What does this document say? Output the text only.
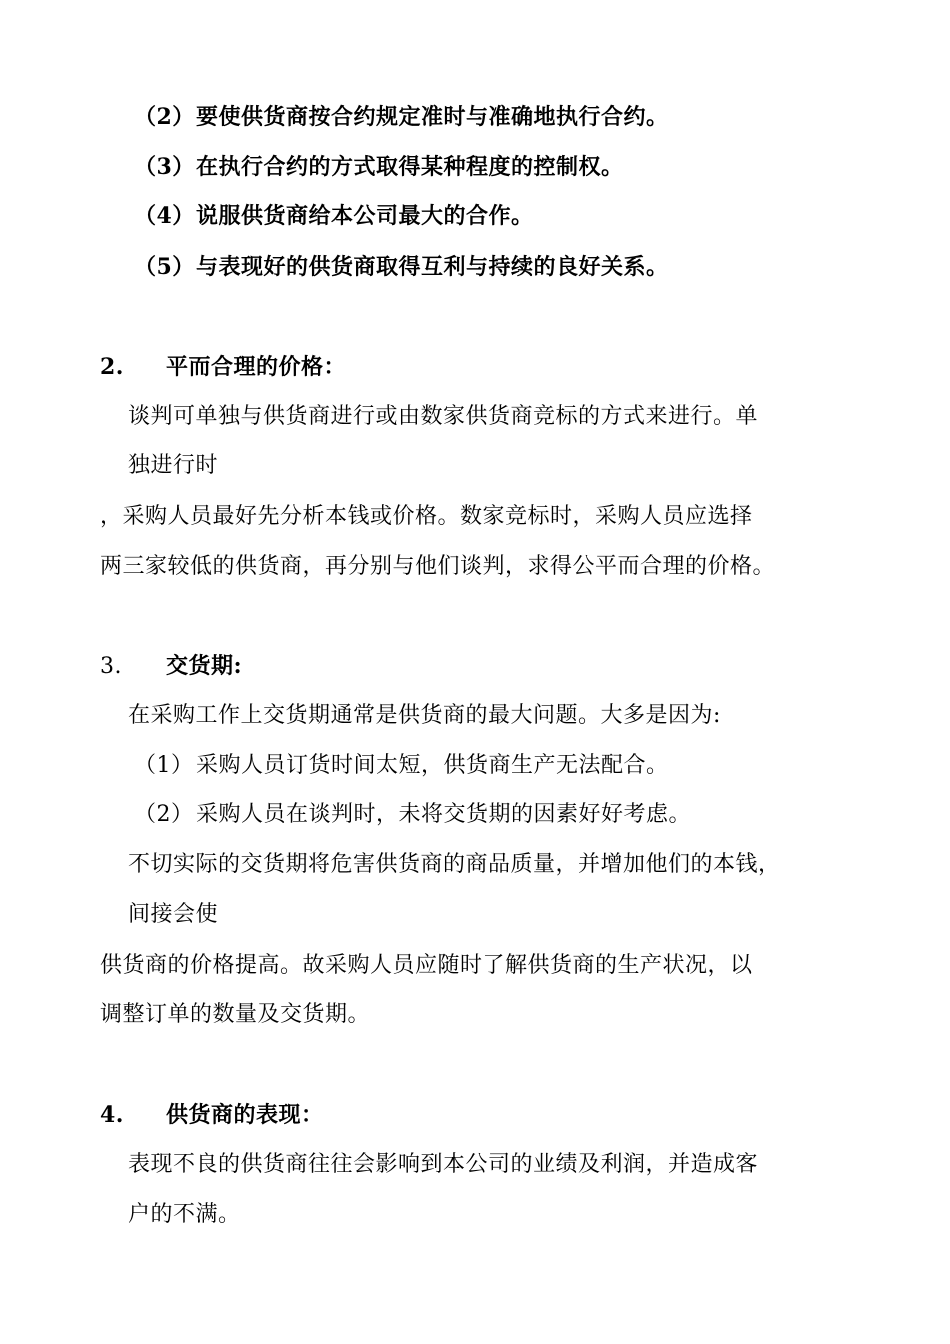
（2）要使供货商按合约规定准时与准确地执行合约。
（3）在执行合约的方式取得某种程度的控制权。
（4）说服供货商给本公司最大的合作。
（5）与表现好的供货商取得互利与持续的良好关系。
2. 平而合理的价格：
谈判可单独与供货商进行或由数家供货商竞标的方式来进行。单
独进行时
，采购人员最好先分析本钱或价格。数家竞标时，采购人员应选择
两三家较低的供货商，再分别与他们谈判，求得公平而合理的价格。
3. 交货期:
在采购工作上交货期通常是供货商的最大问题。大多是因为:
（1） 采购人员订货时间太短，供货商生产无法配合。
（2） 采购人员在谈判时，未将交货期的因素好好考虑。
不切实际的交货期将危害供货商的商品质量，并增加他们的本钱，
间接会使
供货商的价格提高。故采购人员应随时了解供货商的生产状况，以
调整订单的数量及交货期。
4. 供货商的表现：
表现不良的供货商往往会影响到本公司的业绩及利润，并造成客
户的不满。
